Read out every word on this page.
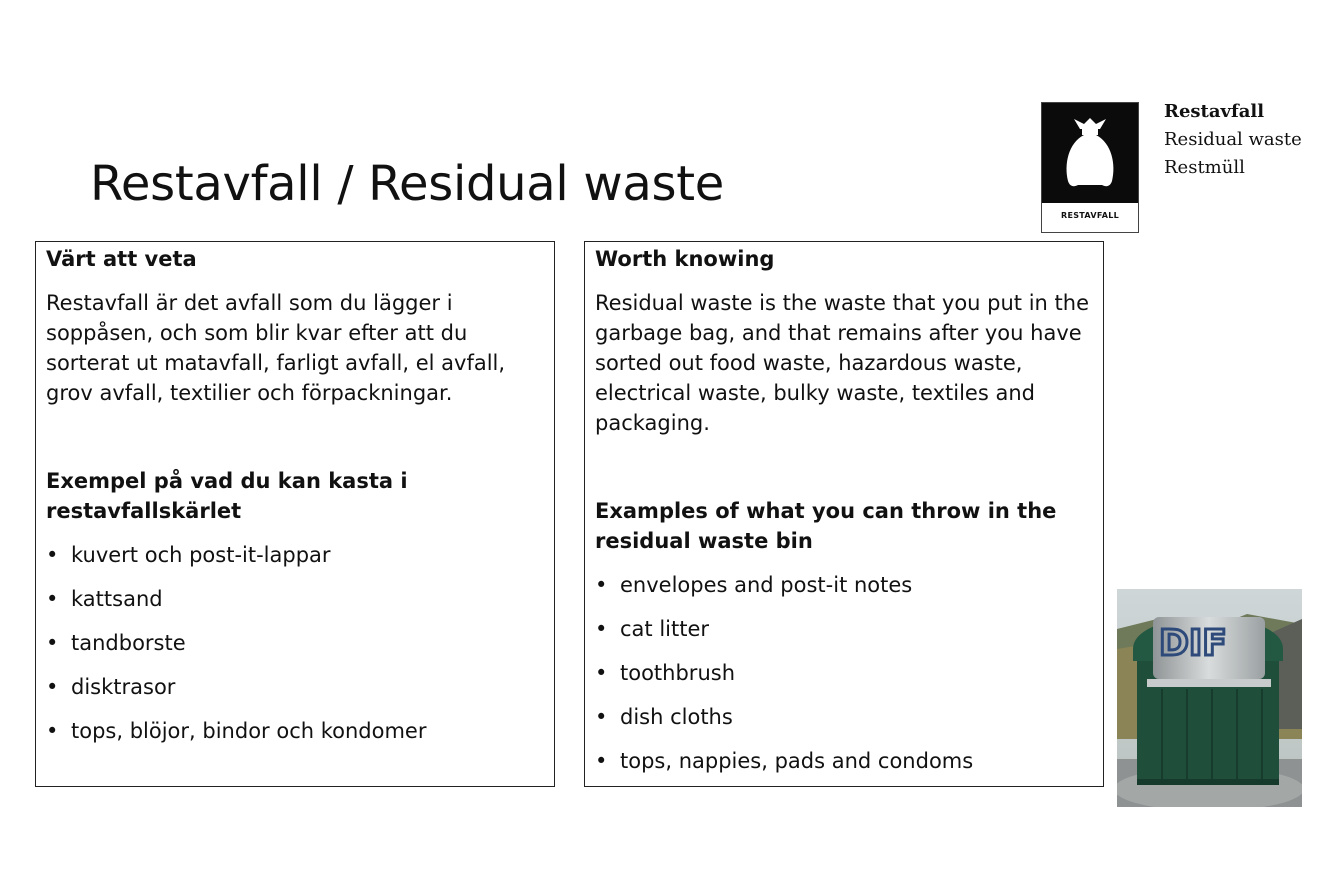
Restavfall / Residual waste
RESTAVFALL
Restavfall
Residual waste
Restmüll
Värt att veta

Restavfall är det avfall som du lägger i soppåsen, och som blir kvar efter att du sorterat ut matavfall, farligt avfall, el avfall, grov avfall, textilier och förpackningar.

Exempel på vad du kan kasta i restavfallskärlet
• kuvert och post-it-lappar
• kattsand
• tandborste
• disktrasor
• tops, blöjor, bindor och kondomer
Worth knowing

Residual waste is the waste that you put in the garbage bag, and that remains after you have sorted out food waste, hazardous waste, electrical waste, bulky waste, textiles and packaging.

Examples of what you can throw in the residual waste bin
• envelopes and post-it notes
• cat litter
• toothbrush
• dish cloths
• tops, nappies, pads and condoms
DIF
